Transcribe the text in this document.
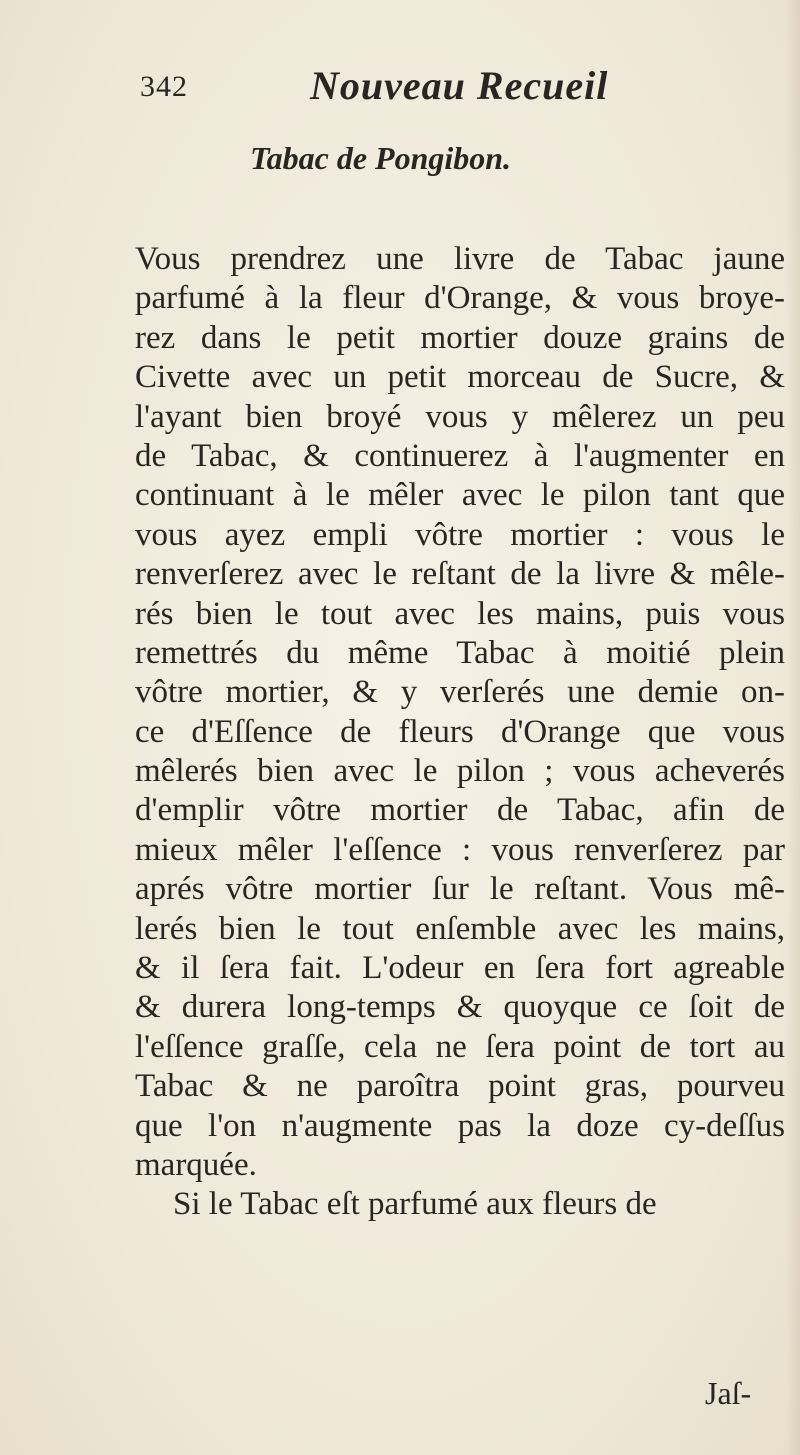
342	Nouveau Recueil
Tabac de Pongibon.
Vous prendrez une livre de Tabac jaune
parfumé à la fleur d'Orange, & vous broye-
rez dans le petit mortier douze grains de
Civette avec un petit morceau de Sucre, &
l'ayant bien broyé vous y mêlerez un peu
de Tabac, & continuerez à l'augmenter en
continuant à le mêler avec le pilon tant que
vous ayez empli vôtre mortier : vous le
renverſerez avec le reſtant de la livre & mêle-
rés bien le tout avec les mains, puis vous
remettrés du même Tabac à moitié plein
vôtre mortier, & y verſerés une demie on-
ce d'Eſſence de fleurs d'Orange que vous
mêlerés bien avec le pilon ; vous acheverés
d'emplir vôtre mortier de Tabac, afin de
mieux mêler l'eſſence : vous renverſerez par
aprés vôtre mortier ſur le reſtant. Vous mê-
lerés bien le tout enſemble avec les mains,
& il ſera fait. L'odeur en ſera fort agreable
& durera long-temps & quoyque ce ſoit de
l'eſſence graſſe, cela ne ſera point de tort au
Tabac & ne paroîtra point gras, pourveu
que l'on n'augmente pas la doze cy-deſſus
marquée.
Si le Tabac eſt parfumé aux fleurs de
Jaſ-
